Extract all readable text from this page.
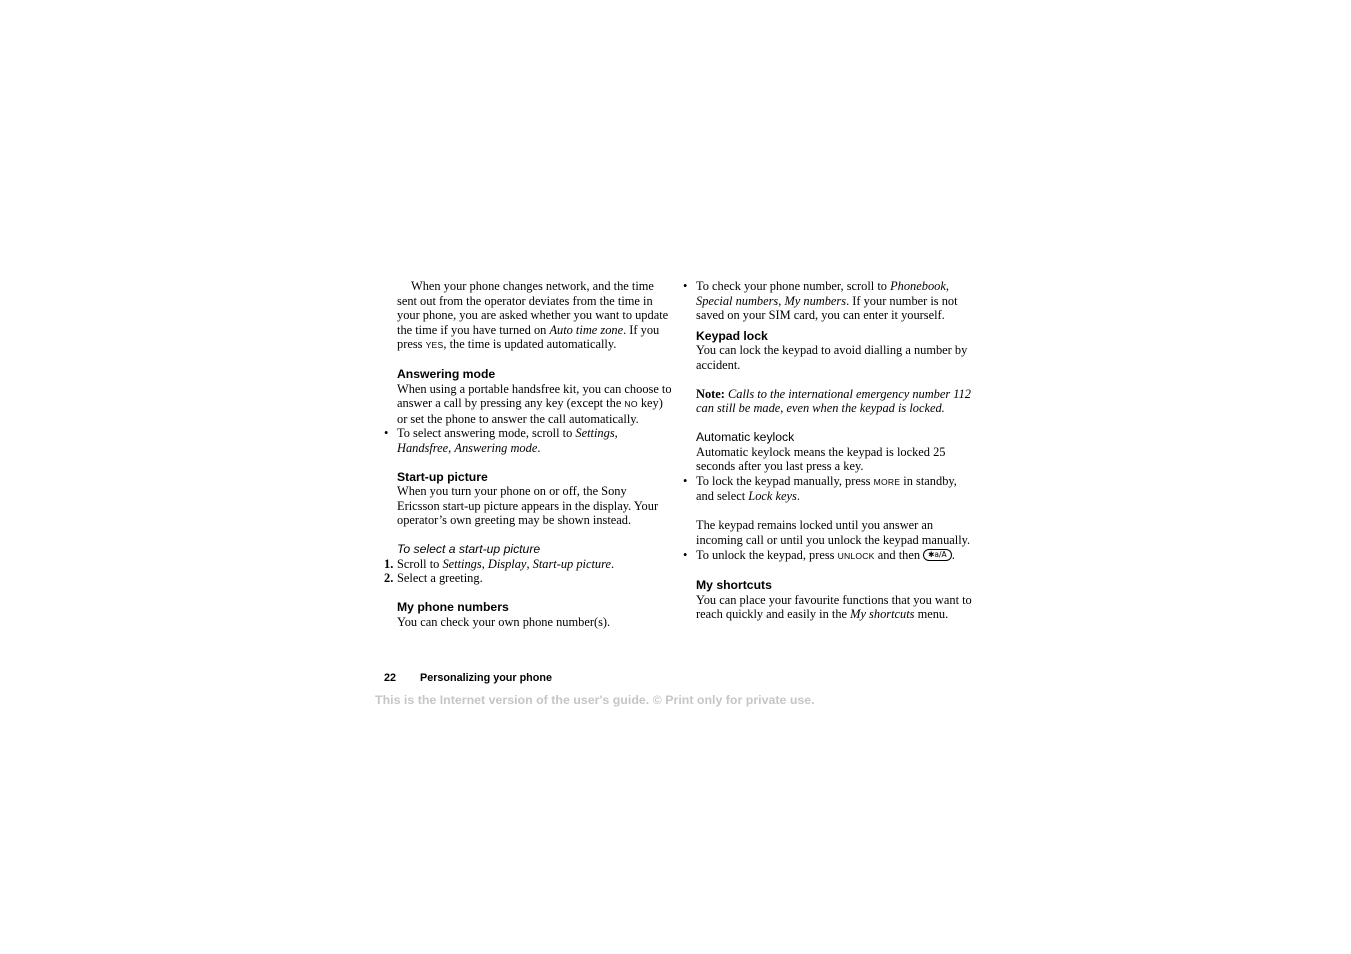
When your phone changes network, and the time sent out from the operator deviates from the time in your phone, you are asked whether you want to update the time if you have turned on Auto time zone. If you press YES, the time is updated automatically.

Answering mode

When using a portable handsfree kit, you can choose to answer a call by pressing any key (except the NO key) or set the phone to answer the call automatically.

• To select answering mode, scroll to Settings, Handsfree, Answering mode.

Start-up picture

When you turn your phone on or off, the Sony Ericsson start-up picture appears in the display. Your operator’s own greeting may be shown instead.

To select a start-up picture

1. Scroll to Settings, Display, Start-up picture.

2. Select a greeting.

My phone numbers

You can check your own phone number(s).

• To check your phone number, scroll to Phonebook, Special numbers, My numbers. If your number is not saved on your SIM card, you can enter it yourself.

Keypad lock

You can lock the keypad to avoid dialling a number by accident.

Note: Calls to the international emergency number 112 can still be made, even when the keypad is locked.

Automatic keylock

Automatic keylock means the keypad is locked 25 seconds after you last press a key.

• To lock the keypad manually, press MORE in standby, and select Lock keys.

The keypad remains locked until you answer an incoming call or until you unlock the keypad manually.

• To unlock the keypad, press UNLOCK and then ✱a/A .

My shortcuts

You can place your favourite functions that you want to reach quickly and easily in the My shortcuts menu.

22 Personalizing your phone
This is the Internet version of the user's guide. © Print only for private use.
